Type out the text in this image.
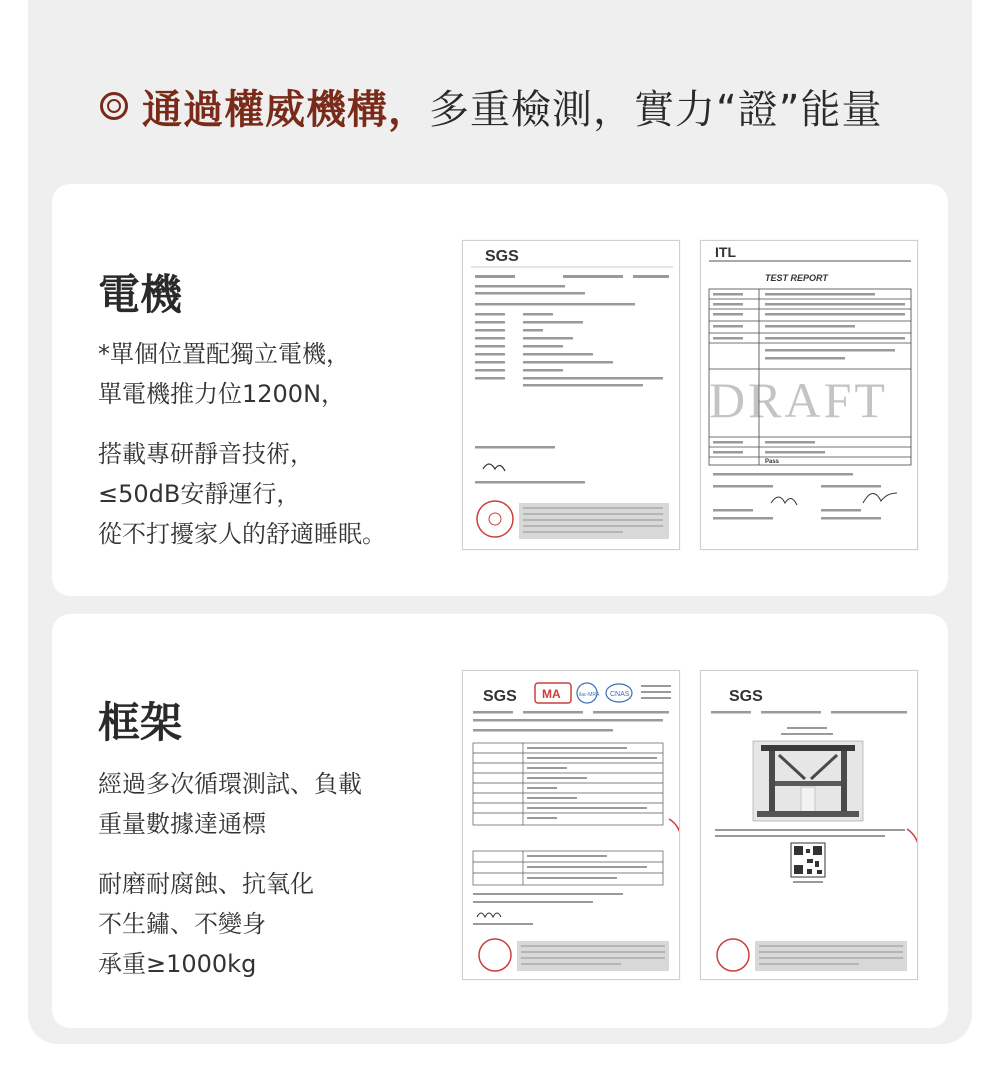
通過權威機構， 多重檢測，實力“證”能量
電機
*單個位置配獨立電機，
單電機推力位1200N，
搭載專研靜音技術，
≤50dB安靜運行，
從不打擾家人的舒適睡眠。
SGS	ITL
TEST REPORT
DRAFT
Pass
框架
經過多次循環測試、負載
重量數據達通標
耐磨耐腐蝕、抗氧化
不生鏽、不變身
承重≥1000kg
SGS MA	ilac-MRA CNAS	SGS
